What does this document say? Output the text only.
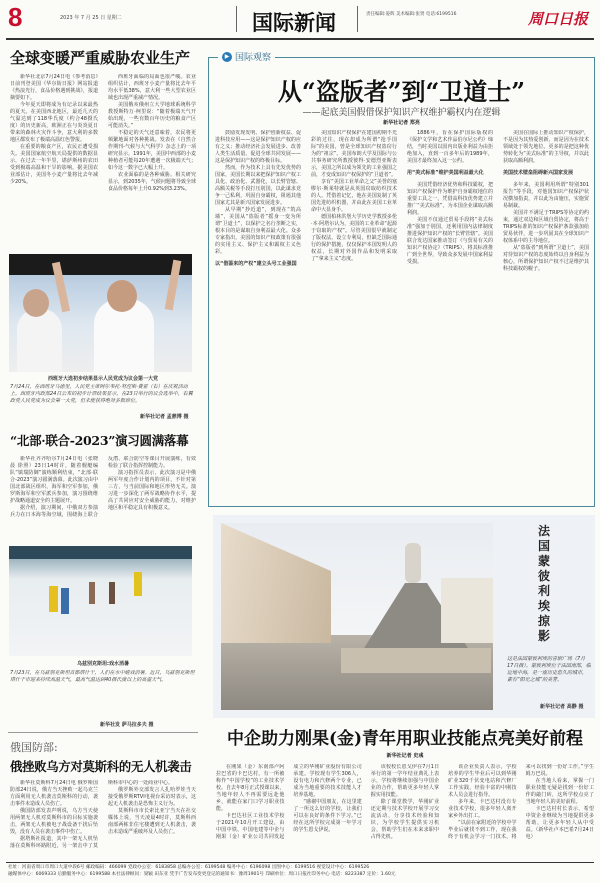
8	2023 年 7 月 25 日 星期二	国际新闻	责任编辑:晏辉 美术编辑:张贤 电话:6199516	周口日报
全球变暖严重威胁农业生产

新华社北京7月24日电《参考消息》日前刊登美国《华尔街日报》网站报道《热浪光行，食品价格遇到挑战》，报道摘要如下。

今年夏天即将成为有记录以来最热的夏天。在美国西北地区，最近几天的气温达到了118华氏度（约合48摄氏度）的历史新高，欧洲正在与炎炎夏日带来的森林火灾作斗争，意大利的多数地区都发布了极端高温红色警报。

在重要的粮食产区，农民正遭受损失。美国国家航空航天局提供的数据显示，在过去一年半里，堪萨斯州的农田受到极端高温和干旱的影响。据美国农业部估计，美国冬小麦产量将比去年减少20%。

西班牙面临的局面也很严峻。农业组织估计，西班牙小麦产量将比去年平均水平低38%，意大利一些大型农业区域也出现严重减产情况。

美国俄亥俄州立大学地球系统科学教授斯特万·柯里说：“随着极端天气开始出现，一些有数百年历史的粮食产区可能消失。”

不稳定的天气还意味着，农民将更频繁地面对各种挑战。发表在《自然合作期刊-气候与大气科学》杂志上的一项研究显示，1991年，美国中西部的小麦种植者可能每20年遭遇一次极端天气；如今这一数字已大幅上升。

农业面临的是各种威胁。相关研究显示，到2035年，气候问题将导致全球食品价格每年上升0.92%到3.23%。

西班牙大选初步结果显示人民党成为议会第一大党
7月24日，在西班牙马德里，人民党主席阿尔韦托·努涅斯·费霍（右）在庆祝活动上。西班牙内政部24日公布的初步计票结果显示，在23日举行的议会选举中，右翼政党人民党成为议会第一大党，但未能获得绝对多数席位。
新华社记者 孟鼎博 摄
“北部·联合-2023”演习圆满落幕

新华社齐齐哈尔7月24日电（张晓晨 徐照）23日14时许，随着舰艇编队“镇瑞防御”演练顺利结束，“北部·联合-2023”演习圆满落幕。此次演习由中国北部战区组织，海军和空军参加，俄罗斯海军和空军派兵参加，演习围绕维护战略通道安全的主题展开。

据介绍，演习期间，中俄双方参演兵力在日本海等海空域，围绕海上联合反潜、联合防空等课目开展演练，有效检验了联合指挥控制能力。

演习指挥员表示，此次演习是中俄两军年度合作计划内的项目，不针对第三方，与当前国际和地区形势无关。演习进一步深化了两军战略协作水平，提高了共同应对安全威胁的能力，对维护地区和平稳定具有积极意义。

乌兹别克斯坦:戏水消暑
7月23日，在乌兹别克斯坦首都塔什干，人们在水中嬉戏消暑。近日，乌兹别克斯坦塔什干市迎来持续高温天气，最高气温达到40摄氏度以上的高温天气。
新华社发 萨马拉多夫 摄
俄国防部:
俄挫败乌方对莫斯科的无人机袭击

新华社莫斯科7月24日电 俄罗斯国防部24日说，俄方当天挫败一起乌克兰方面利用无人机袭击莫斯科的行动，袭击事件未造成人员伤亡。

俄国防部发表声明说，乌方当天使用两架无人机对莫斯科市的目标实施袭击，两架无人机被电子战设备干扰后坠毁，没有人员在袭击事件中伤亡。

据塔斯社报道，其中一架无人机坠落在莫斯科环路附近，另一架击中了莫斯科市中心的一处商业中心。

俄罗斯外交部发言人扎哈罗娃当天接受俄罗斯RTVI电视台采访时表示，这起无人机袭击是恐怖主义行为。

莫斯科市市长索比亚宁当天在社交媒体上说，当天凌晨4时许，莫斯科西南部两栋非住宅楼遭到无人机袭击，袭击未造成严重破坏及人员伤亡。

▶ 国际观察
从“盗版者”到“卫道士”
——起底美国假借保护知识产权维护霸权内在逻辑
新华社记者 郑亮

鼓励发现发明、保护创新权益、促进科技应用——这是保护知识产权的应有之义；推动经济社会发展进步、改善人类生活质量、促进全球共同发展——这是保护知识产权的终极目标。

然而，作为技术上具有先发优势的国家，美国长期以来把保护知识产权工具化、政治化、武器化，以长臂管辖、高额关税等手段打压别国，以此谋求竞争一己私利，巩固自身霸权，阻遏其他国家尤其是新兴国家发展进步。

从早期“抄近道”，到现在“筑高墙”，美国从“盗版者”摇身一变为所谓“卫道士”，以保护之名行垄断之实，根本目的是谋取自身利益最大化。众多专家指出，美国的知识产权政策有很强的实用主义、保护主义和霸权主义色彩。

以“借鉴来的产权”建立头号工业强国

美国知识产权保护在建国初期不光彩的过往，现在却成为所谓“抢手国际”的美国，曾是全球知识产权盗窃行为的“祖宗”。美国布朗大学及国际与公共事务研究所教授彼得·安德烈亚斯表示，美国之所以成为领先的工业强国之前，才变成知识产权保护的“卫道者”。

享有“美国工业革命之父”美誉的塞缪尔·斯莱特就是从英国窃取纺织技术的人。凭借着记忆，他在美国复制了英国先进纺织机器，并由此在美国工业革命中大显身手。

德国柏林洪堡大学历史学教授多伦·本·阿塔尔认为，美国的工业革命“起源于窃取的产权”。尽管美国很早就制定了版权法，设立专利局，但缺乏国际通行的保护措施，仅仅保护本国发明人的权益，长期对外国作品和发明采取了“拿来主义”态度。

1886年，旨在保护国际版权的《保护文学和艺术作品伯尔尼公约》缔结，当时美国以国内出版业利益为由拒绝加入，直到一百多年后的1989年，美国才最终加入这一公约。

用“美式标准”维护美国利益最大化

美国凭借经济优势和科技霸权，把知识产权保护作为维护自身霸权地位的重要工具之一，凭借高科技优势建立并推广“美式标准”，为本国企业谋取高额利润。

美国不仅通过贸易手段将“美式标准”强加于别国，还利用国内法律制度推进保护知识产权的“长臂管辖”。美国联合发达国家推动签订《与贸易有关的知识产权协定》（TRIPS），将其标准推广到全世界，导致众多发展中国家利益受损。

美国在国际上推动知识产权保护，不是因为其热爱创新，而是因为在技术领域处于领先地位。更多的是把这种优势转化为“美式标准”的主导权，并以此获取高额利润。

美国技术壁垒阻碍新兴国家发展

多年来，美国利用所谓“特别301报告”等手段，对他国知识产权保护状况横加指责，并以此为由施压，实施贸易制裁。

美国并不满足于TRIPS等协定的约束，通过双边和区域自贸协定，将高于TRIPS标准的知识产权保护条款强加给贸易伙伴，进一步巩固其在全球知识产权体系中的主导地位。

从“盗版者”到所谓“卫道士”，美国对待知识产权的态度始终以自身利益为核心，所谓保护知识产权不过是维护其科技霸权的幌子。

法国蒙彼利埃掠影
这是法国蒙彼利埃的喜剧广场（7月17日摄）。蒙彼利埃位于法国南部，临近地中海，是一座历史悠久的城市，素有“阳光之城”的美誉。
新华社记者 高静 摄
中企助力刚果(金)青年用职业技能点亮美好前程
新华社记者 史彧

在刚果（金）东南部卢阿拉巴省的卡巴达村，有一所被称作“中国学校”的工业技术学校。自去年8月正式授课以来，当地年轻人不再需要远赴他乡，就能在家门口学习职业技能。

卡巴达社区工业技术学校于2021年10月开工建设，由中国中铁、中国电建等中企与刚果（金）矿业公司共同发起成立的华刚矿业股份有限公司承建。学校现有学生306人，设有电力和汽修两个专业，已成为当地重要的技术技能人才培养基地。

“感谢中国朋友，在这里建了一所这么好的学校，让我们可以在良好的条件下学习。”已经在这所学校完成第一年学习的学生恩戈伊说。

该校校长恩戈伊在7月1日举行的第一学年结业典礼上表示，学校将继续加强与中国企业的合作，帮助更多年轻人掌握实用技能。

除了课堂教学，华刚矿业还定期与技术学校开展学习交流活动，分享技术经验和知识，为学校学生提供实习机会，帮助学生们在未来求职中占得先机。

该企业负责人表示，学校培养的学生毕业后可以到华刚矿业320千伏变电站和汽修厂工作实践，经验丰富的中刚技术人员会进行指导。

多年来，卡巴达村没有专业技术学校，很多年轻人离开家乡外出打工。

“以前在家附近的学校中学毕业后就找不到工作，现在我终于有机会学习一门技术，将来可以找到一份好工作。”学生姆万巴说。

在当地人看来，掌握一门职业技能无疑是找到一份好工作的敲门砖，这所学校点亮了当地年轻人的美好前程。

卡巴达村村长表示，希望中资企业继续为当地提供更多帮助，让更多年轻人从中受益。（新华社卢本巴希7月24日电）

社址：河南省周口市周口大道中段6号 邮政编码：466099 党政办公室：6183858 总编办公室：6199548 编务中心：6196098 出图中心：6199516 视觉设计中心：6199526
融媒体中心：6069333 后勤服务中心：6199588 本社法律顾问：梁颖 田东亚 凭手广告发布变更登记的通知书：豫周1901号 印刷单位：周口日报社印务中心 电话：8223387 定价：1.60元
